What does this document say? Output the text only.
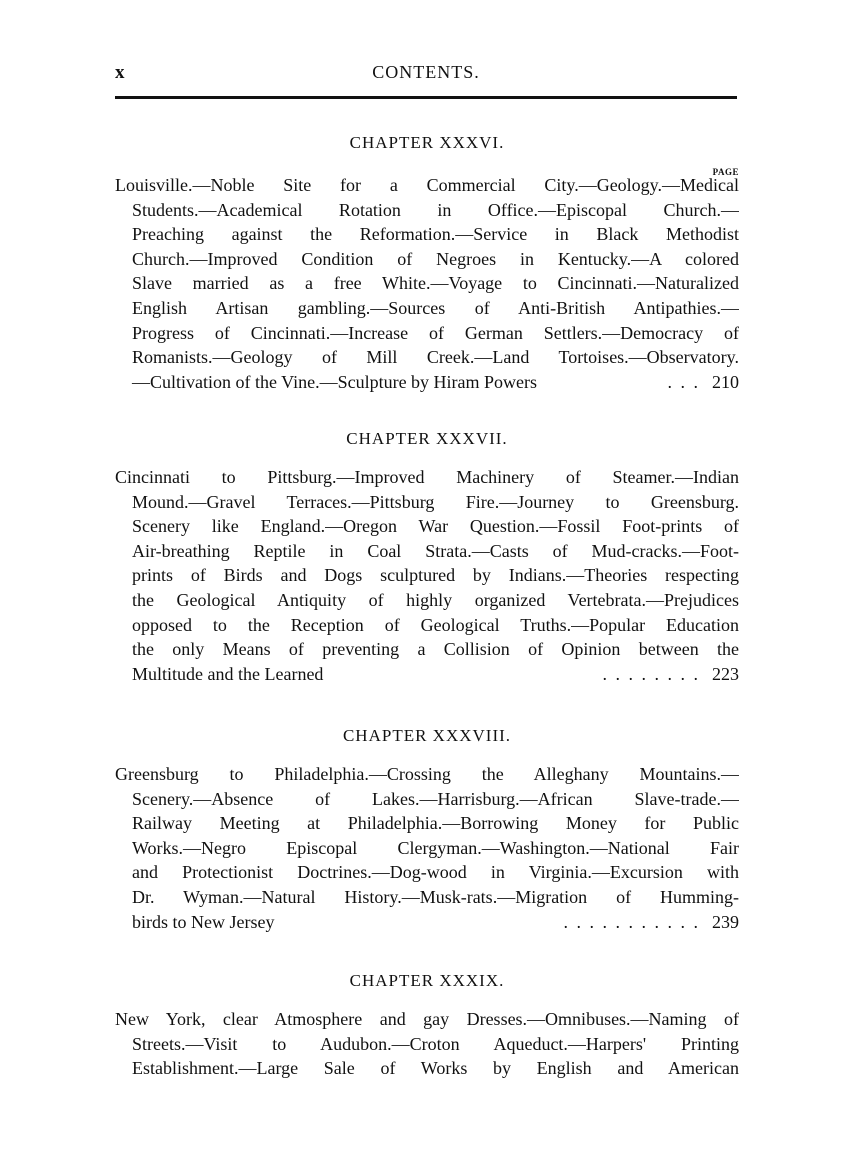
x	CONTENTS.
CHAPTER XXXVI.
PAGE
Louisville.—Noble Site for a Commercial City.—Geology.—Medical
Students.—Academical Rotation in Office.—Episcopal Church.—
Preaching against the Reformation.—Service in Black Methodist
Church.—Improved Condition of Negroes in Kentucky.—A colored
Slave married as a free White.—Voyage to Cincinnati.—Naturalized
English Artisan gambling.—Sources of Anti-British Antipathies.—
Progress of Cincinnati.—Increase of German Settlers.—Democracy of
Romanists.—Geology of Mill Creek.—Land Tortoises.—Observatory.
—Cultivation of the Vine.—Sculpture by Hiram Powers	. . . 210
CHAPTER XXXVII.
Cincinnati to Pittsburg.—Improved Machinery of Steamer.—Indian
Mound.—Gravel Terraces.—Pittsburg Fire.—Journey to Greensburg.
Scenery like England.—Oregon War Question.—Fossil Foot-prints of
Air-breathing Reptile in Coal Strata.—Casts of Mud-cracks.—Foot-
prints of Birds and Dogs sculptured by Indians.—Theories respecting
the Geological Antiquity of highly organized Vertebrata.—Prejudices
opposed to the Reception of Geological Truths.—Popular Education
the only Means of preventing a Collision of Opinion between the
Multitude and the Learned	. . . . . . . . 223
CHAPTER XXXVIII.
Greensburg to Philadelphia.—Crossing the Alleghany Mountains.—
Scenery.—Absence of Lakes.—Harrisburg.—African Slave-trade.—
Railway Meeting at Philadelphia.—Borrowing Money for Public
Works.—Negro Episcopal Clergyman.—Washington.—National Fair
and Protectionist Doctrines.—Dog-wood in Virginia.—Excursion with
Dr. Wyman.—Natural History.—Musk-rats.—Migration of Humming-
birds to New Jersey	. . . . . . . . . . . 239
CHAPTER XXXIX.
New York, clear Atmosphere and gay Dresses.—Omnibuses.—Naming of
Streets.—Visit to Audubon.—Croton Aqueduct.—Harpers' Printing
Establishment.—Large Sale of Works by English and American
